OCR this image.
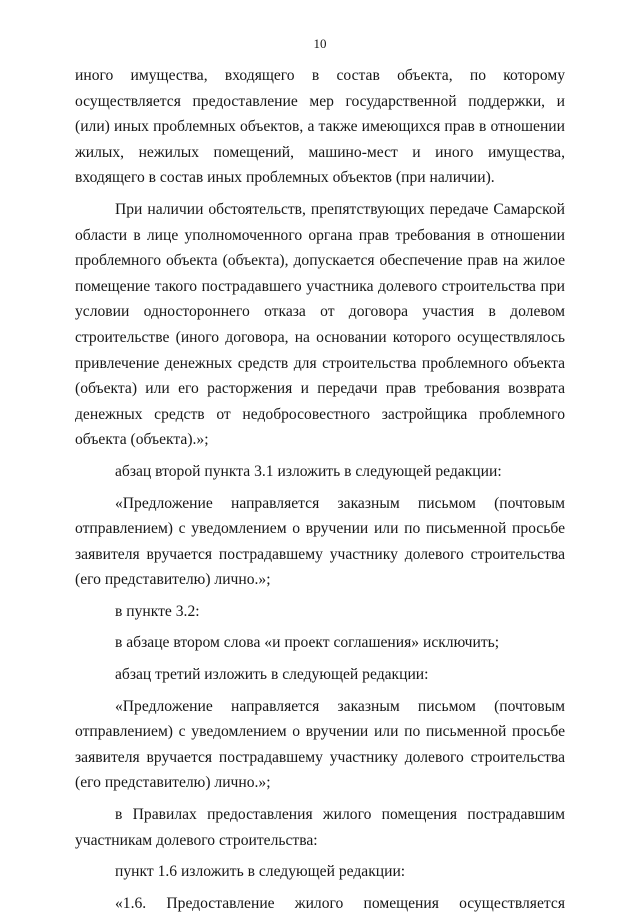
10

иного имущества, входящего в состав объекта, по которому осуществляется предоставление мер государственной поддержки, и (или) иных проблемных объектов, а также имеющихся прав в отношении жилых, нежилых помещений, машино-мест и иного имущества, входящего в состав иных проблемных объектов (при наличии).

При наличии обстоятельств, препятствующих передаче Самарской области в лице уполномоченного органа прав требования в отношении проблемного объекта (объекта), допускается обеспечение прав на жилое помещение такого пострадавшего участника долевого строительства при условии одностороннего отказа от договора участия в долевом строительстве (иного договора, на основании которого осуществлялось привлечение денежных средств для строительства проблемного объекта (объекта) или его расторжения и передачи прав требования возврата денежных средств от недобросовестного застройщика проблемного объекта (объекта).»;

абзац второй пункта 3.1 изложить в следующей редакции:

«Предложение направляется заказным письмом (почтовым отправлением) с уведомлением о вручении или по письменной просьбе заявителя вручается пострадавшему участнику долевого строительства (его представителю) лично.»;

в пункте 3.2:

в абзаце втором слова «и проект соглашения» исключить;

абзац третий изложить в следующей редакции:

«Предложение направляется заказным письмом (почтовым отправлением) с уведомлением о вручении или по письменной просьбе заявителя вручается пострадавшему участнику долевого строительства (его представителю) лично.»;

в Правилах предоставления жилого помещения пострадавшим участникам долевого строительства:

пункт 1.6 изложить в следующей редакции:

«1.6. Предоставление жилого помещения осуществляется
